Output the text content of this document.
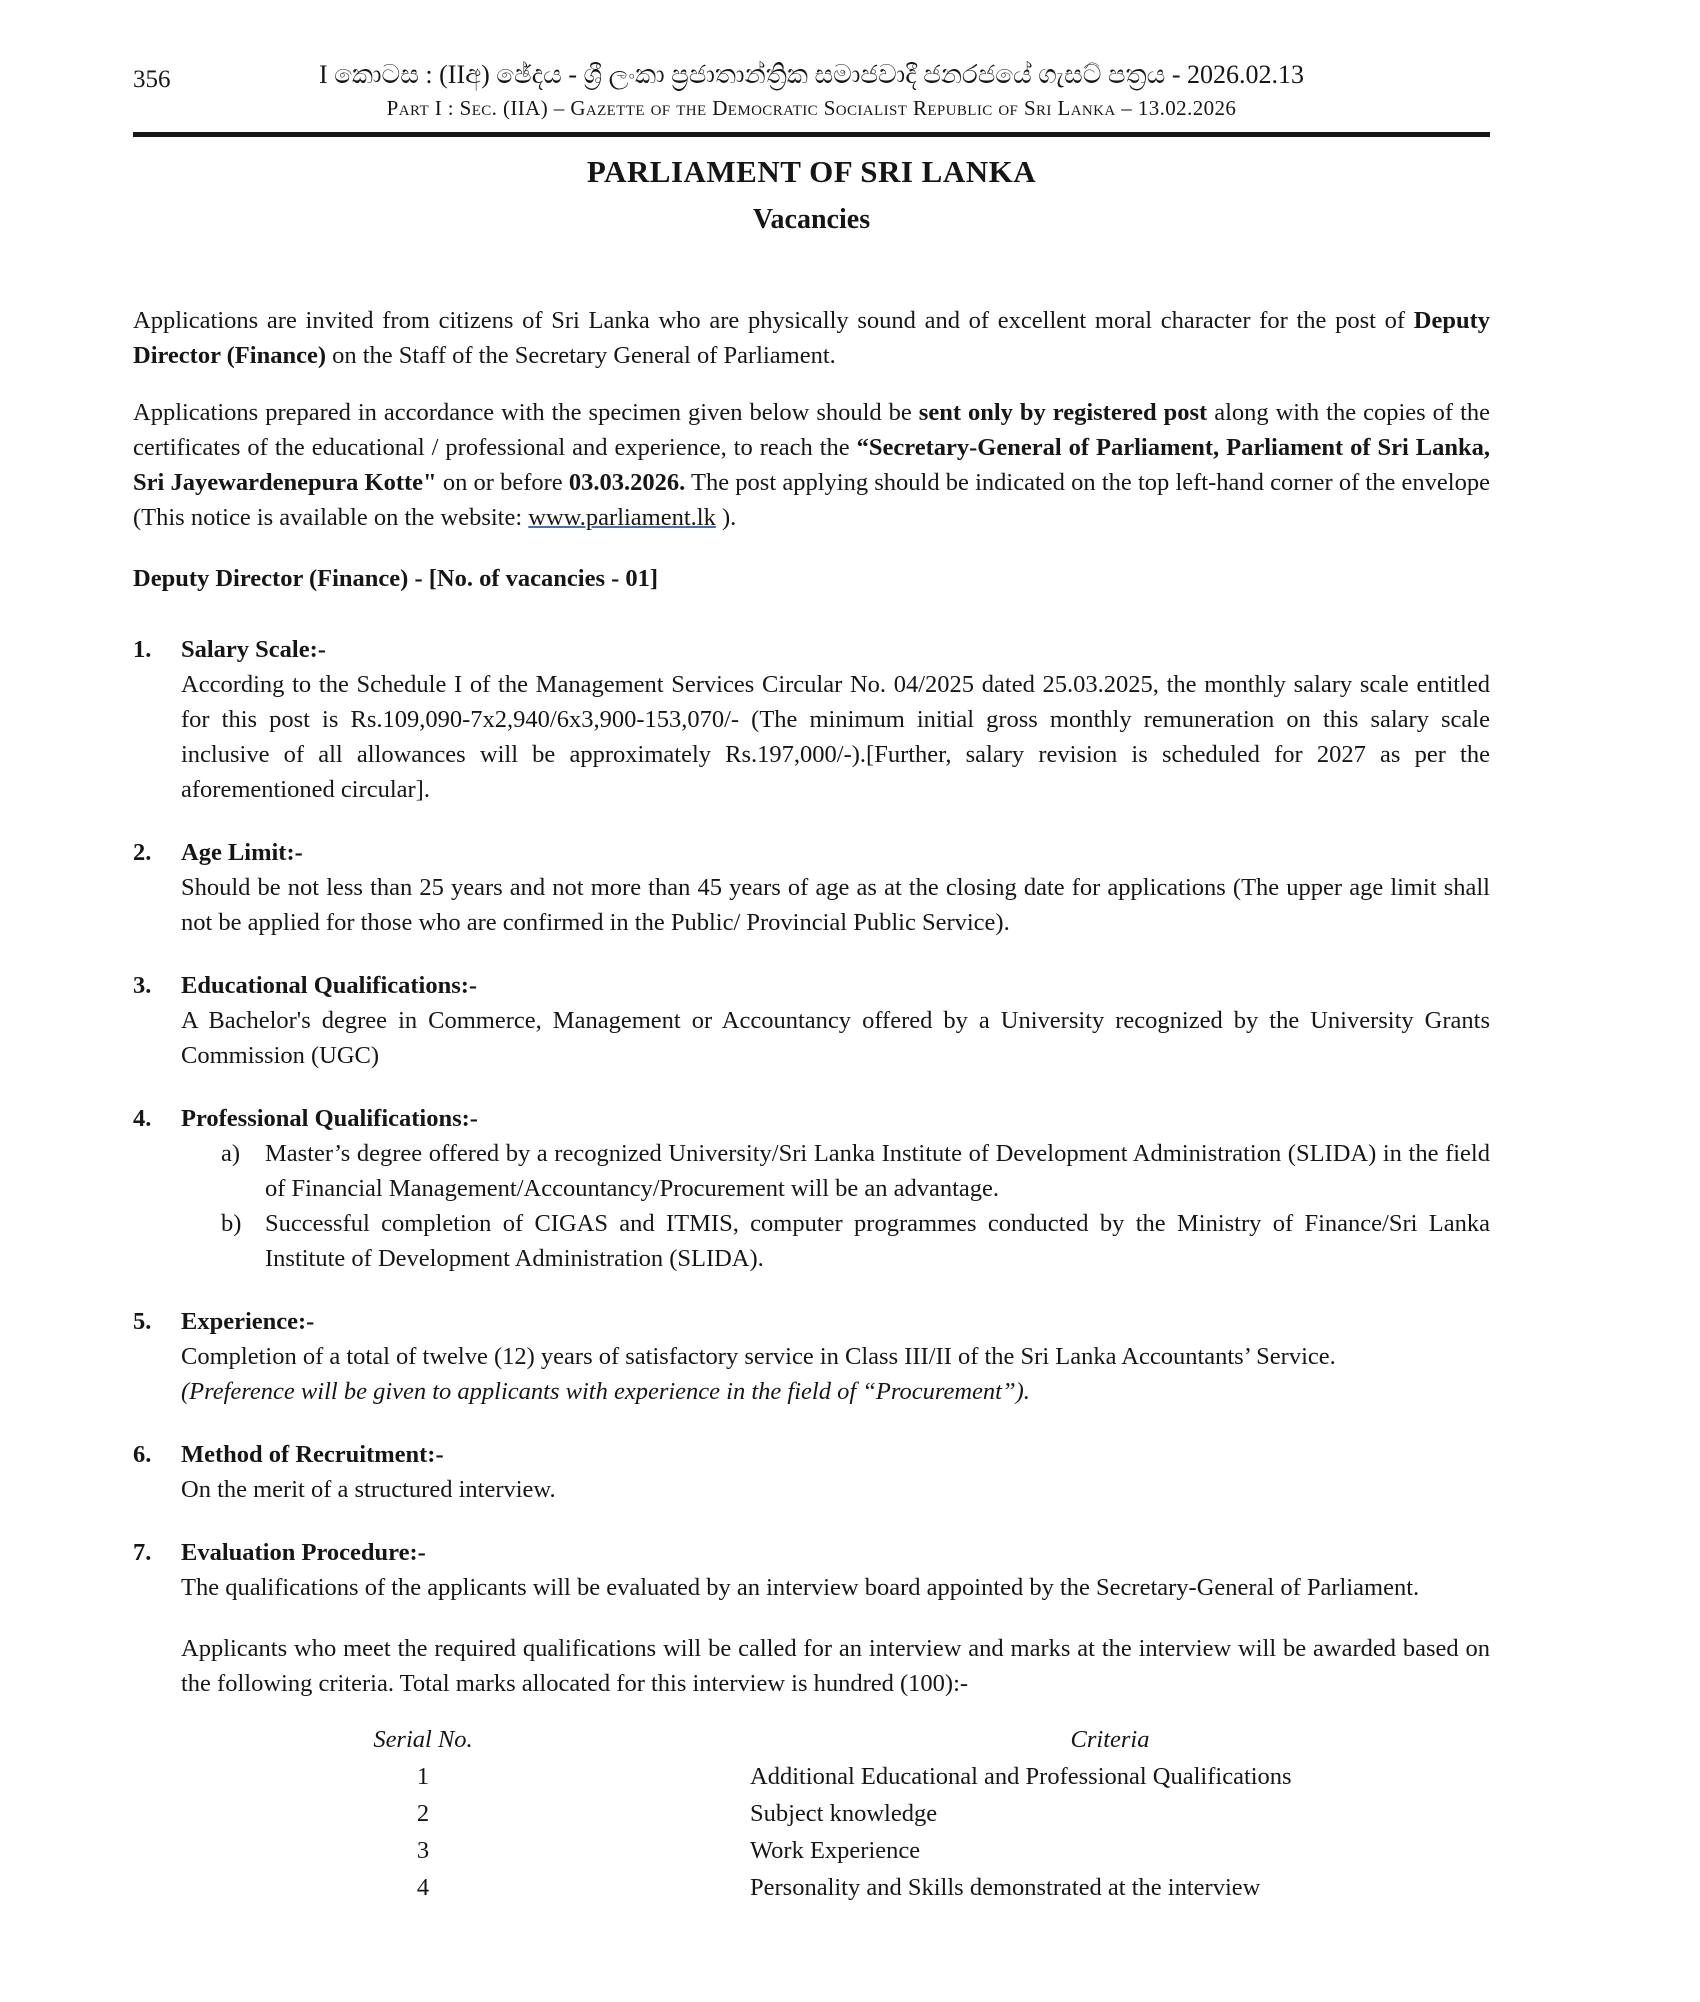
356	I කොටස : (IIඅ) ඡේදය - ශ්‍රී ලංකා ප්‍රජාතාන්ත්‍රික සමාජවාදී ජනරජයේ ගැසට් පත්‍රය - 2026.02.13
Part I : Sec. (IIA) – Gazette of the Democratic Socialist Republic of Sri Lanka – 13.02.2026
PARLIAMENT OF SRI LANKA
Vacancies

Applications are invited from citizens of Sri Lanka who are physically sound and of excellent moral character for the post of Deputy Director (Finance) on the Staff of the Secretary General of Parliament.

Applications prepared in accordance with the specimen given below should be sent only by registered post along with the copies of the certificates of the educational / professional and experience, to reach the “Secretary-General of Parliament, Parliament of Sri Lanka, Sri Jayewardenepura Kotte" on or before 03.03.2026. The post applying should be indicated on the top left-hand corner of the envelope (This notice is available on the website: www.parliament.lk ).

Deputy Director (Finance) - [No. of vacancies - 01]

1.	Salary Scale:-

According to the Schedule I of the Management Services Circular No. 04/2025 dated 25.03.2025, the monthly salary scale entitled for this post is Rs.109,090-7x2,940/6x3,900-153,070/- (The minimum initial gross monthly remuneration on this salary scale inclusive of all allowances will be approximately Rs.197,000/-).[Further, salary revision is scheduled for 2027 as per the aforementioned circular].

2.	Age Limit:-

Should be not less than 25 years and not more than 45 years of age as at the closing date for applications (The upper age limit shall not be applied for those who are confirmed in the Public/ Provincial Public Service).

3.	Educational Qualifications:-

A Bachelor's degree in Commerce, Management or Accountancy offered by a University recognized by the University Grants Commission (UGC)

4.	Professional Qualifications:-
a)	Master’s degree offered by a recognized University/Sri Lanka Institute of Development Administration (SLIDA) in the field of Financial Management/Accountancy/Procurement will be an advantage.

b) Successful completion of CIGAS and ITMIS, computer programmes conducted by the Ministry of Finance/Sri Lanka Institute of Development Administration (SLIDA).

5.	Experience:-

Completion of a total of twelve (12) years of satisfactory service in Class III/II of the Sri Lanka Accountants’ Service.

(Preference will be given to applicants with experience in the field of “Procurement”).

6.	Method of Recruitment:-

On the merit of a structured interview.

7.	Evaluation Procedure:-

The qualifications of the applicants will be evaluated by an interview board appointed by the Secretary-General of Parliament.

Applicants who meet the required qualifications will be called for an interview and marks at the interview will be awarded based on the following criteria. Total marks allocated for this interview is hundred (100):-

Serial No.	Criteria
1	Additional Educational and Professional Qualifications
2	Subject knowledge
3	Work Experience
4	Personality and Skills demonstrated at the interview
